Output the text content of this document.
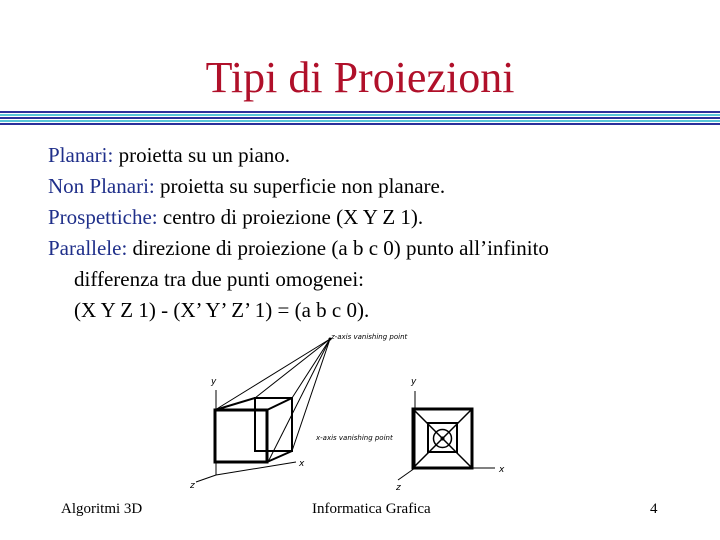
Tipi di Proiezioni
Planari: proietta su un piano.
Non Planari: proietta su superficie non planare.
Prospettiche: centro di proiezione (X Y Z 1).
Parallele: direzione di proiezione (a b c 0) punto all’infinito
differenza tra due punti omogenei:
(X Y Z 1) - (X’ Y’ Z’ 1) = (a b c 0).
z-axis vanishing point
y
x
z
x-axis vanishing point
y
x
z
Algoritmi 3D	Informatica Grafica	4
